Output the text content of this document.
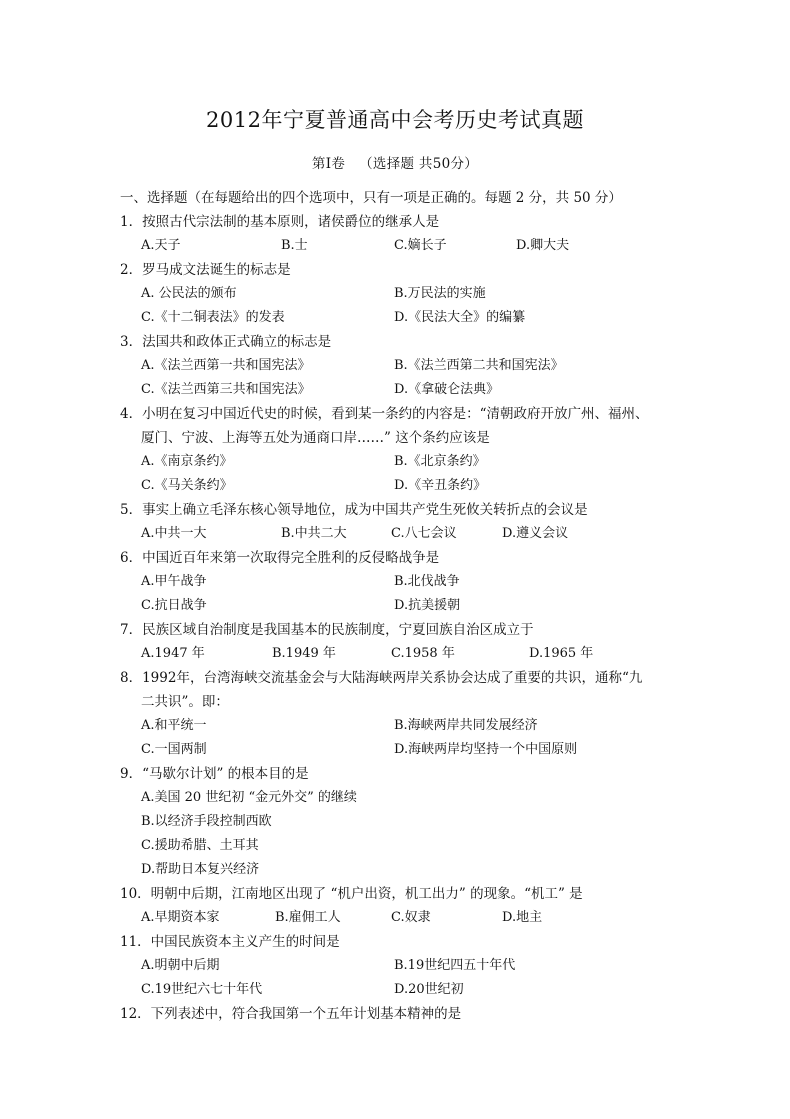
2012年宁夏普通高中会考历史考试真题
第Ⅰ卷 （选择题 共50分）
一、选择题（在每题给出的四个选项中，只有一项是正确的。每题 2 分，共 50 分）
1．按照古代宗法制的基本原则，诸侯爵位的继承人是
A.天子	B.士	C.嫡长子	D.卿大夫
2．罗马成文法诞生的标志是
A. 公民法的颁布	B.万民法的实施
C.《十二铜表法》的发表	D.《民法大全》的编纂
3．法国共和政体正式确立的标志是
A.《法兰西第一共和国宪法》	B.《法兰西第二共和国宪法》
C.《法兰西第三共和国宪法》	D.《拿破仑法典》
4．小明在复习中国近代史的时候，看到某一条约的内容是：“清朝政府开放广州、福州、
厦门、宁波、上海等五处为通商口岸……” 这个条约应该是
A.《南京条约》	B.《北京条约》
C.《马关条约》	D.《辛丑条约》
5．事实上确立毛泽东核心领导地位，成为中国共产党生死攸关转折点的会议是
A.中共一大	B.中共二大	C.八七会议	D.遵义会议
6．中国近百年来第一次取得完全胜利的反侵略战争是
A.甲午战争	B.北伐战争
C.抗日战争	D.抗美援朝
7．民族区域自治制度是我国基本的民族制度，宁夏回族自治区成立于
A.1947 年	B.1949 年	C.1958 年	D.1965 年
8．1992年，台湾海峡交流基金会与大陆海峡两岸关系协会达成了重要的共识，通称“九
二共识”。即：
A.和平统一	B.海峡两岸共同发展经济
C.一国两制	D.海峡两岸均坚持一个中国原则
9．“马歇尔计划” 的根本目的是
A.美国 20 世纪初 “金元外交” 的继续
B.以经济手段控制西欧
C.援助希腊、土耳其
D.帮助日本复兴经济
10．明朝中后期，江南地区出现了 “机户出资，机工出力” 的现象。“机工” 是
A.早期资本家	B.雇佣工人	C.奴隶	D.地主
11．中国民族资本主义产生的时间是
A.明朝中后期	B.19世纪四五十年代
C.19世纪六七十年代	D.20世纪初
12．下列表述中，符合我国第一个五年计划基本精神的是
